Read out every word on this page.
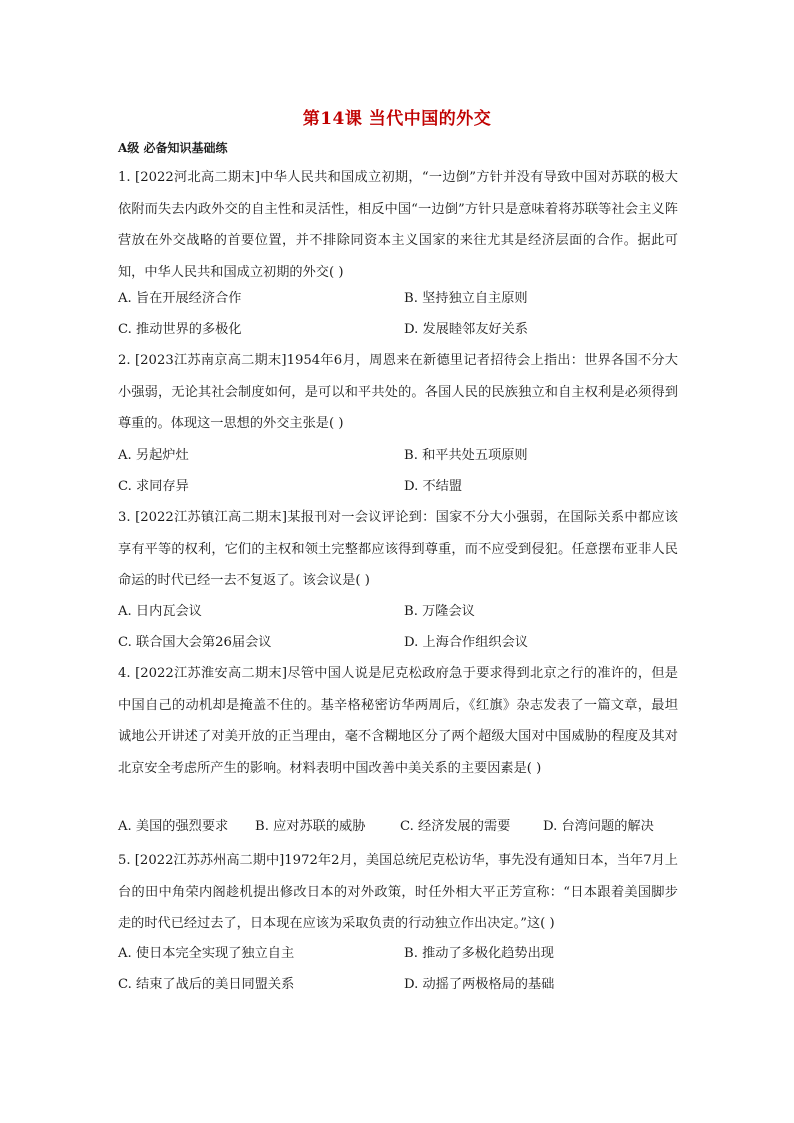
第14课 当代中国的外交
A级 必备知识基础练
1. [2022河北高二期末]中华人民共和国成立初期，“一边倒”方针并没有导致中国对苏联的极大依附而失去内政外交的自主性和灵活性，相反中国“一边倒”方针只是意味着将苏联等社会主义阵营放在外交战略的首要位置，并不排除同资本主义国家的来往尤其是经济层面的合作。据此可知，中华人民共和国成立初期的外交( )
A. 旨在开展经济合作	B. 坚持独立自主原则
C. 推动世界的多极化	D. 发展睦邻友好关系
2. [2023江苏南京高二期末]1954年6月，周恩来在新德里记者招待会上指出：世界各国不分大小强弱，无论其社会制度如何，是可以和平共处的。各国人民的民族独立和自主权利是必须得到尊重的。体现这一思想的外交主张是( )
A. 另起炉灶	B. 和平共处五项原则
C. 求同存异	D. 不结盟
3. [2022江苏镇江高二期末]某报刊对一会议评论到：国家不分大小强弱，在国际关系中都应该享有平等的权利，它们的主权和领土完整都应该得到尊重，而不应受到侵犯。任意摆布亚非人民命运的时代已经一去不复返了。该会议是( )
A. 日内瓦会议	B. 万隆会议
C. 联合国大会第26届会议	D. 上海合作组织会议
4. [2022江苏淮安高二期末]尽管中国人说是尼克松政府急于要求得到北京之行的准许的，但是中国自己的动机却是掩盖不住的。基辛格秘密访华两周后，《红旗》杂志发表了一篇文章，最坦诚地公开讲述了对美开放的正当理由，毫不含糊地区分了两个超级大国对中国威胁的程度及其对北京安全考虑所产生的影响。材料表明中国改善中美关系的主要因素是( )
A. 美国的强烈要求 B. 应对苏联的威胁	C. 经济发展的需要 D. 台湾问题的解决
5. [2022江苏苏州高二期中]1972年2月，美国总统尼克松访华，事先没有通知日本，当年7月上台的田中角荣内阁趁机提出修改日本的对外政策，时任外相大平正芳宣称：“日本跟着美国脚步走的时代已经过去了，日本现在应该为采取负责的行动独立作出决定。”这( )
A. 使日本完全实现了独立自主	B. 推动了多极化趋势出现
C. 结束了战后的美日同盟关系	D. 动摇了两极格局的基础
